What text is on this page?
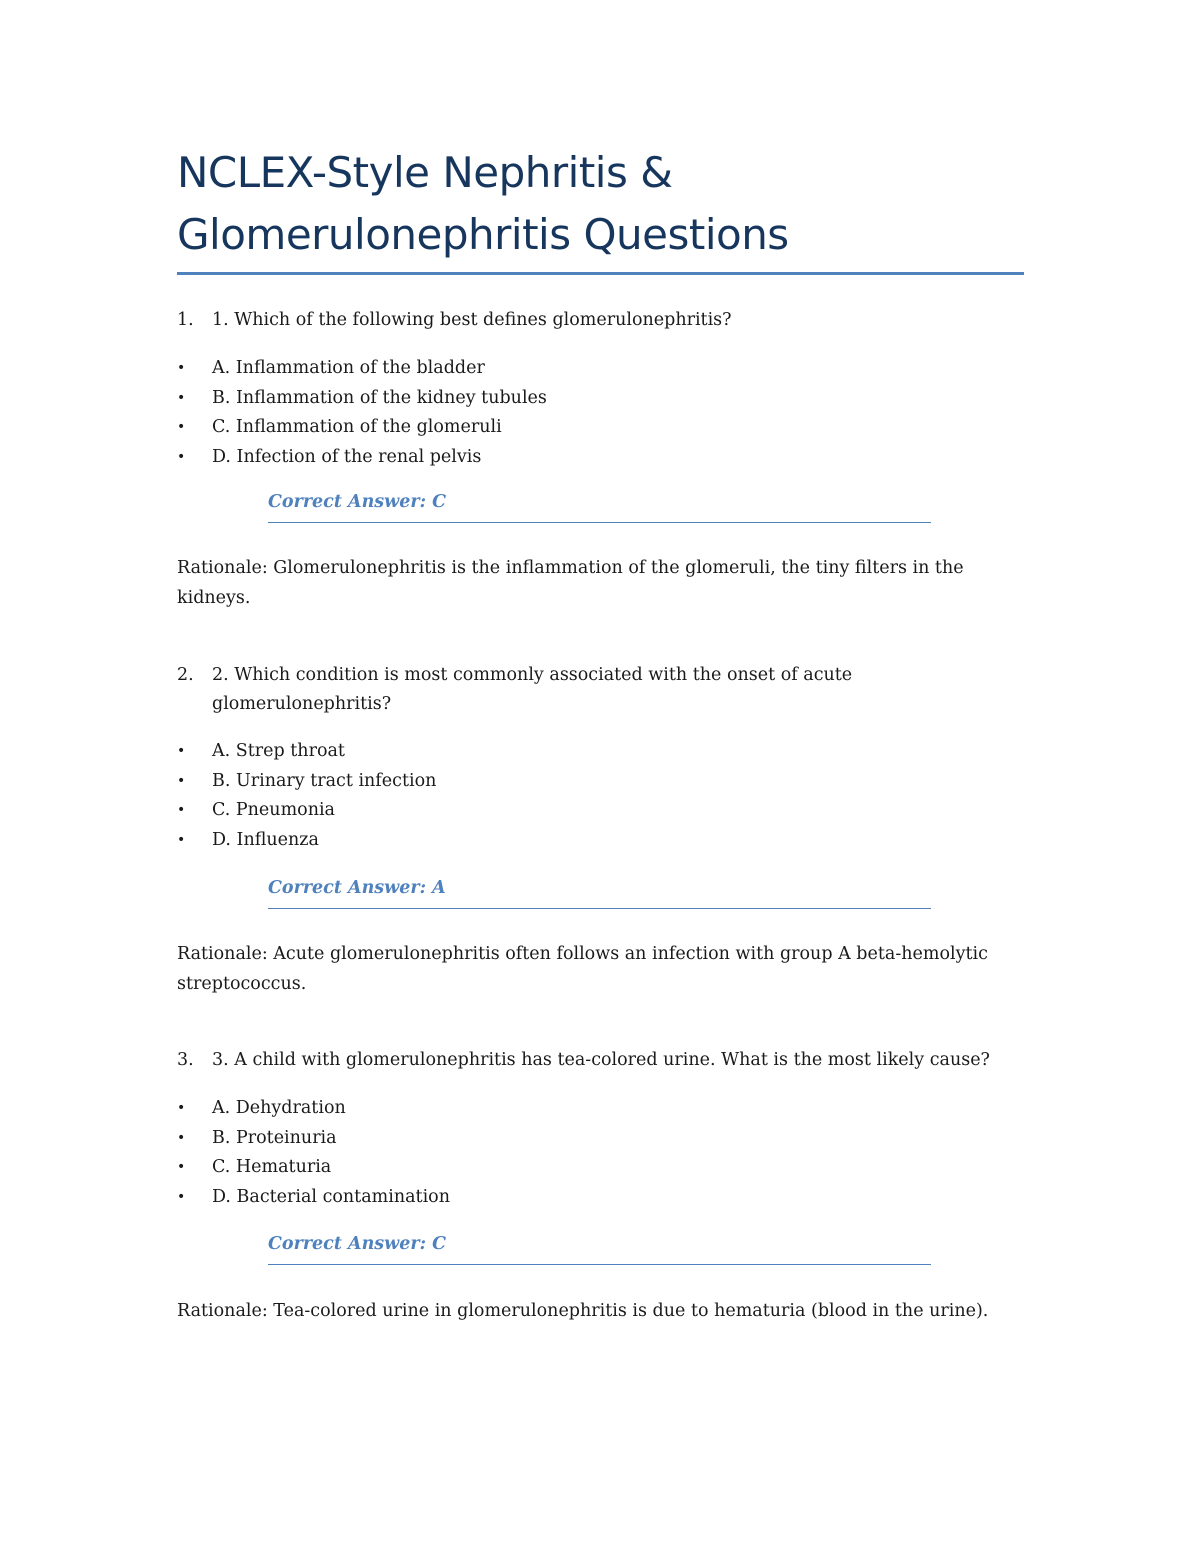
NCLEX-Style Nephritis & Glomerulonephritis Questions

1. 1. Which of the following best defines glomerulonephritis?

• A. Inflammation of the bladder
• B. Inflammation of the kidney tubules
• C. Inflammation of the glomeruli
• D. Infection of the renal pelvis
Correct Answer: C

Rationale: Glomerulonephritis is the inflammation of the glomeruli, the tiny filters in the kidneys.

2. 2. Which condition is most commonly associated with the onset of acute glomerulonephritis?

• A. Strep throat
• B. Urinary tract infection
• C. Pneumonia
• D. Influenza
Correct Answer: A

Rationale: Acute glomerulonephritis often follows an infection with group A beta-hemolytic streptococcus.

3. 3. A child with glomerulonephritis has tea-colored urine. What is the most likely cause?

• A. Dehydration
• B. Proteinuria
• C. Hematuria
• D. Bacterial contamination
Correct Answer: C

Rationale: Tea-colored urine in glomerulonephritis is due to hematuria (blood in the urine).
